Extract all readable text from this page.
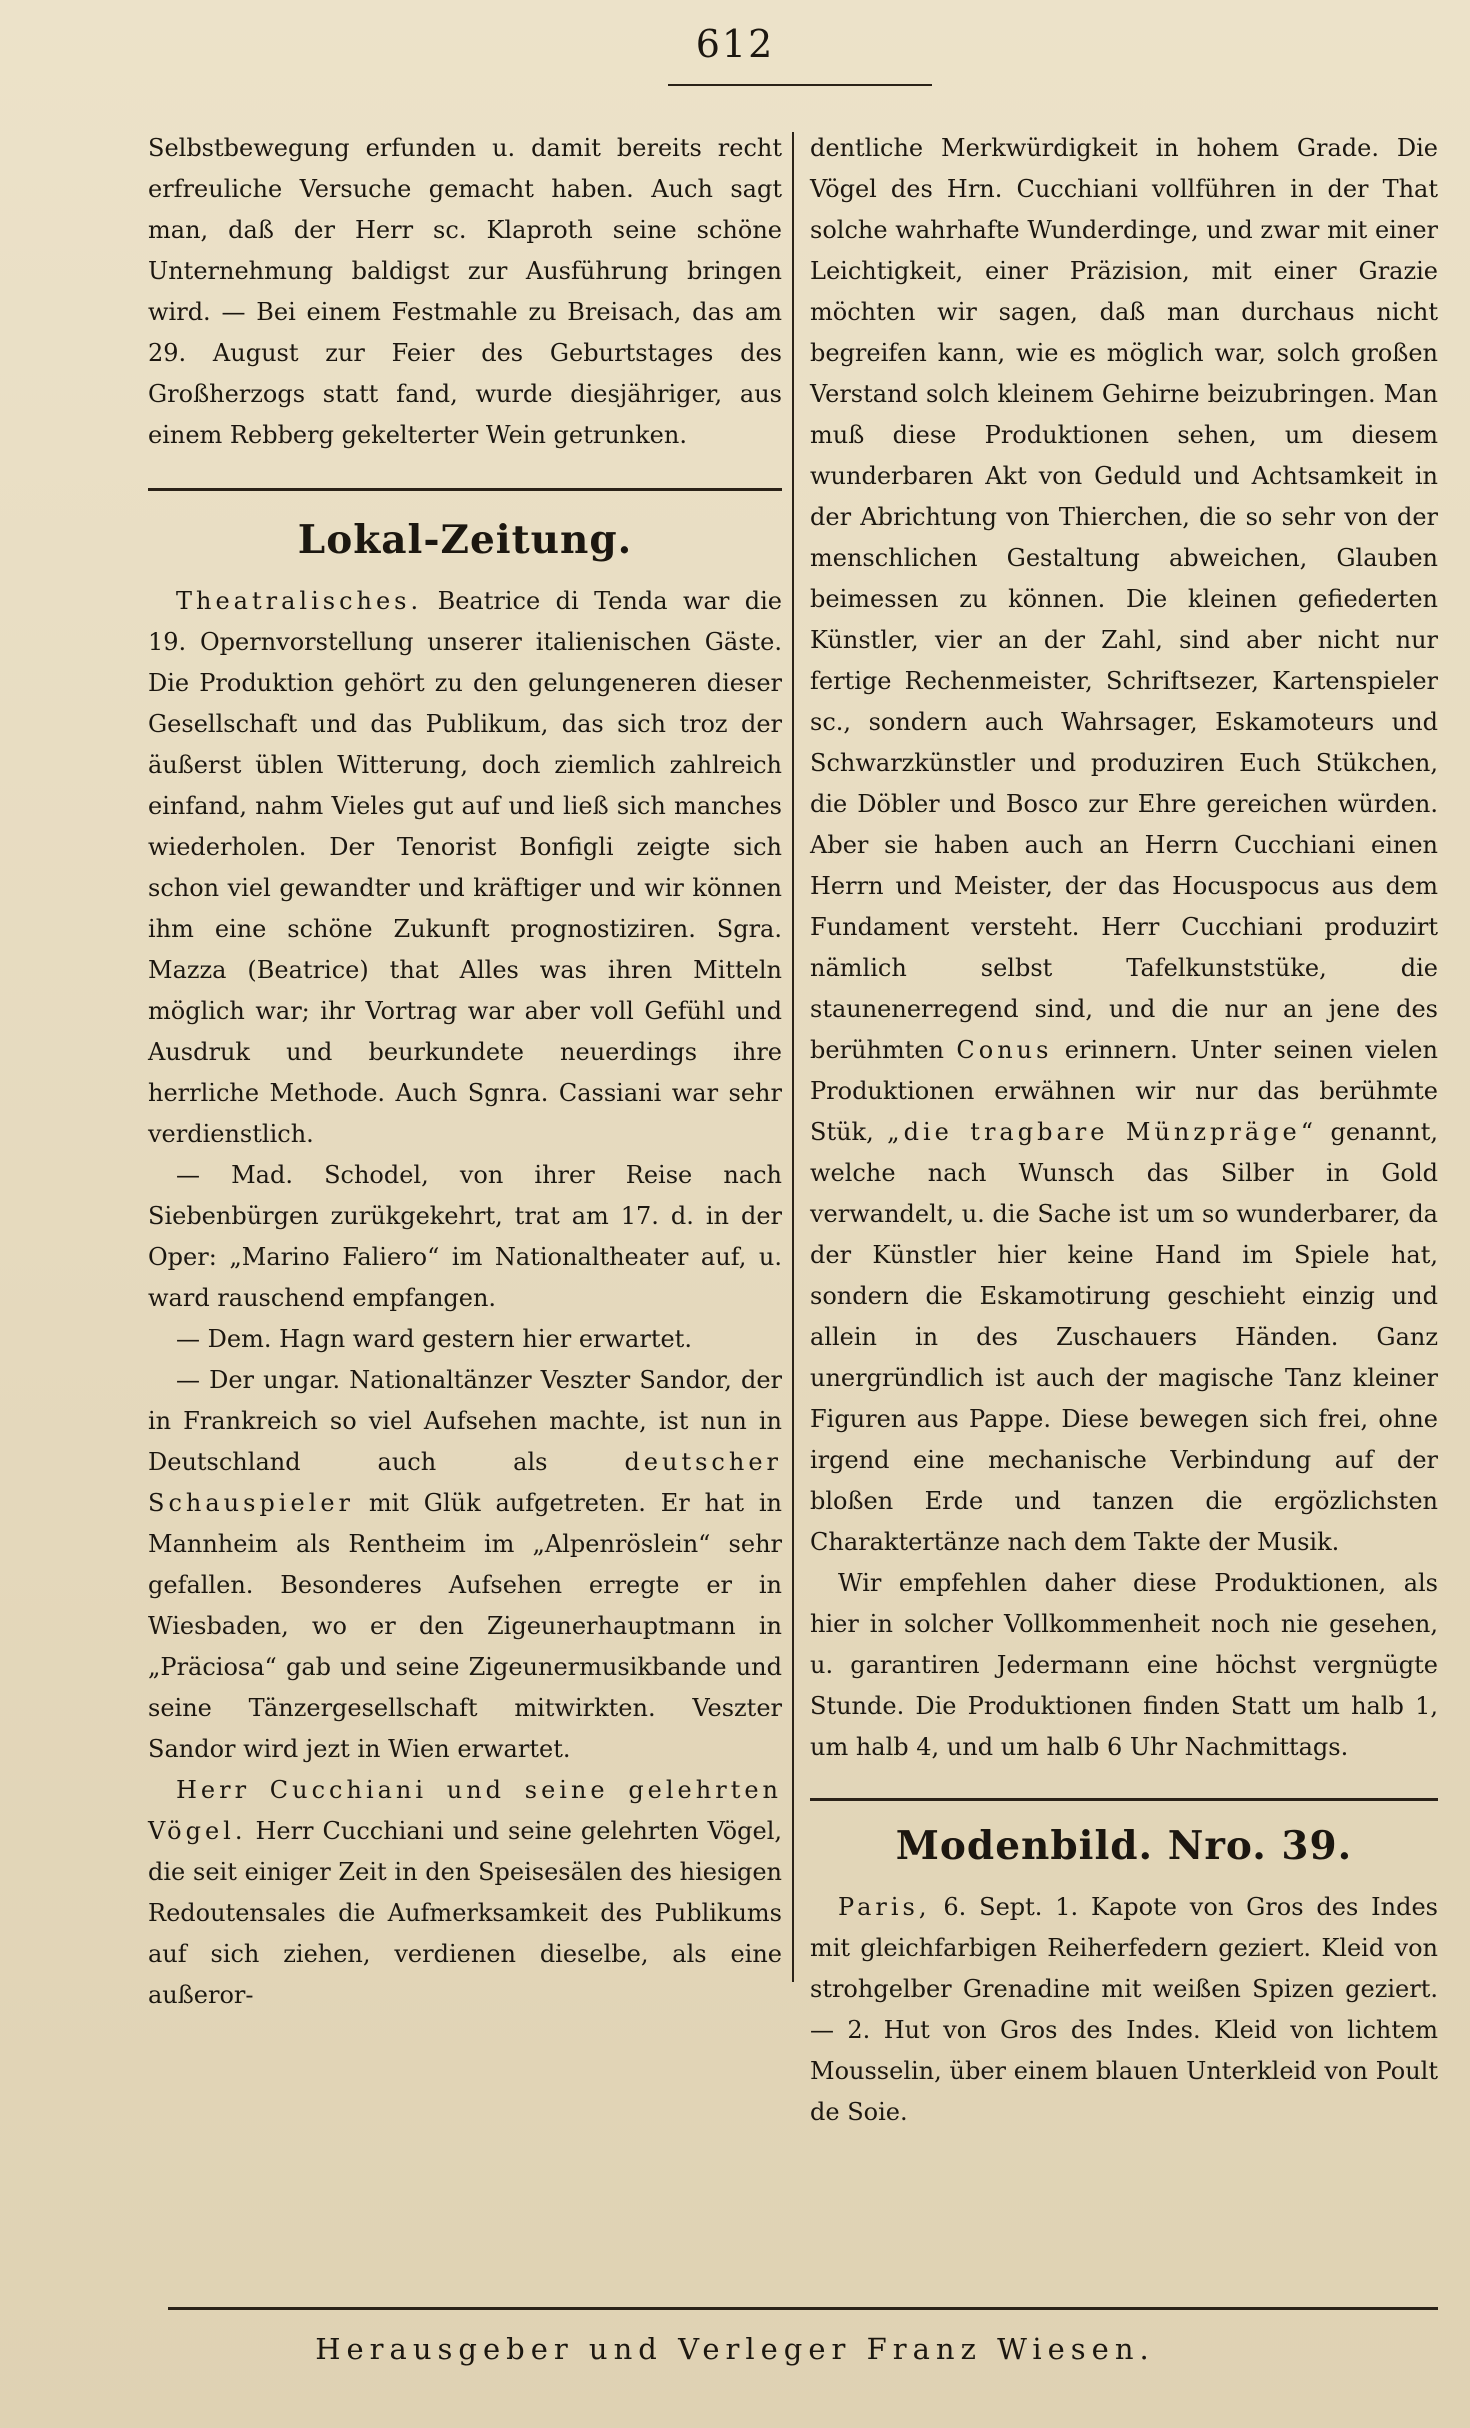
612

Selbstbewegung erfunden u. damit bereits recht erfreuliche Versuche gemacht haben. Auch sagt man, daß der Herr sc. Klaproth seine schöne Unternehmung baldigst zur Ausführung bringen wird. — Bei einem Festmahle zu Breisach, das am 29. August zur Feier des Geburtstages des Großherzogs statt fand, wurde diesjähriger, aus einem Rebberg gekelterter Wein getrunken.

Lokal-Zeitung.

Theatralisches. Beatrice di Tenda war die 19. Opernvorstellung unserer italienischen Gäste. Die Produktion gehört zu den gelungeneren dieser Gesellschaft und das Publikum, das sich troz der äußerst üblen Witterung, doch ziemlich zahlreich einfand, nahm Vieles gut auf und ließ sich manches wiederholen. Der Tenorist Bonfigli zeigte sich schon viel gewandter und kräftiger und wir können ihm eine schöne Zukunft prognostiziren. Sgra. Mazza (Beatrice) that Alles was ihren Mitteln möglich war; ihr Vortrag war aber voll Gefühl und Ausdruk und beurkundete neuerdings ihre herrliche Methode. Auch Sgnra. Cassiani war sehr verdienstlich.

— Mad. Schodel, von ihrer Reise nach Siebenbürgen zurükgekehrt, trat am 17. d. in der Oper: „Marino Faliero“ im Nationaltheater auf, u. ward rauschend empfangen.

— Dem. Hagn ward gestern hier erwartet.

— Der ungar. Nationaltänzer Veszter Sandor, der in Frankreich so viel Aufsehen machte, ist nun in Deutschland auch als	deutscher Schauspieler mit Glük aufgetreten. Er hat in Mannheim als Rentheim im „Alpenröslein“ sehr gefallen. Besonderes Aufsehen erregte er in Wiesbaden, wo er den Zigeunerhauptmann in „Präciosa“ gab und seine Zigeunermusikbande und seine Tänzergesellschaft mitwirkten. Veszter Sandor wird jezt in Wien erwartet.

Herr Cucchiani und seine gelehrten Vögel. Herr Cucchiani und seine gelehrten Vögel, die seit einiger Zeit in den Speisesälen des hiesigen Redoutensales die Aufmerksamkeit des Publikums auf sich ziehen, verdienen dieselbe, als eine außeror-

dentliche Merkwürdigkeit in hohem Grade. Die Vögel des Hrn. Cucchiani vollführen in der That solche wahrhafte Wunderdinge, und zwar mit einer Leichtigkeit, einer Präzision, mit einer Grazie möchten wir sagen, daß man durchaus nicht begreifen kann, wie es möglich war, solch großen Verstand solch kleinem Gehirne beizubringen. Man muß diese Produktionen sehen, um diesem wunderbaren Akt von Geduld und Achtsamkeit in der Abrichtung von Thierchen, die so sehr von der menschlichen Gestaltung abweichen, Glauben beimessen zu können. Die kleinen gefiederten Künstler, vier an der Zahl, sind aber nicht nur fertige Rechenmeister, Schriftsezer, Kartenspieler sc., sondern auch Wahrsager, Eskamoteurs und Schwarzkünstler und produziren Euch Stükchen, die Döbler und Bosco zur Ehre gereichen würden. Aber sie haben auch an Herrn Cucchiani einen Herrn und Meister, der das Hocuspocus aus dem Fundament versteht. Herr Cucchiani produzirt nämlich selbst Tafelkunststüke, die staunenerregend sind, und die nur an jene des berühmten Conus erinnern. Unter seinen vielen Produktionen erwähnen wir nur das berühmte Stük, „die tragbare Münzpräge“ genannt, welche nach Wunsch das Silber in Gold verwandelt, u. die Sache ist um so wunderbarer, da der Künstler hier keine Hand im Spiele hat, sondern die Eskamotirung geschieht einzig und allein in des Zuschauers Händen. Ganz unergründlich ist auch der magische Tanz kleiner Figuren aus Pappe. Diese bewegen sich frei, ohne irgend eine mechanische Verbindung auf der bloßen Erde und tanzen die ergözlichsten Charaktertänze nach dem Takte der Musik.

Wir empfehlen daher diese Produktionen, als hier in solcher Vollkommenheit noch nie gesehen, u. garantiren Jedermann eine höchst vergnügte Stunde. Die Produktionen finden Statt um halb 1, um halb 4, und um halb 6 Uhr Nachmittags.

Modenbild. Nro. 39.

Paris, 6. Sept. 1. Kapote von Gros des Indes mit gleichfarbigen Reiherfedern geziert. Kleid von strohgelber Grenadine mit weißen Spizen geziert. — 2. Hut von Gros des Indes. Kleid von lichtem Mousselin, über einem blauen Unterkleid von Poult de Soie.

Herausgeber und Verleger Franz Wiesen.
